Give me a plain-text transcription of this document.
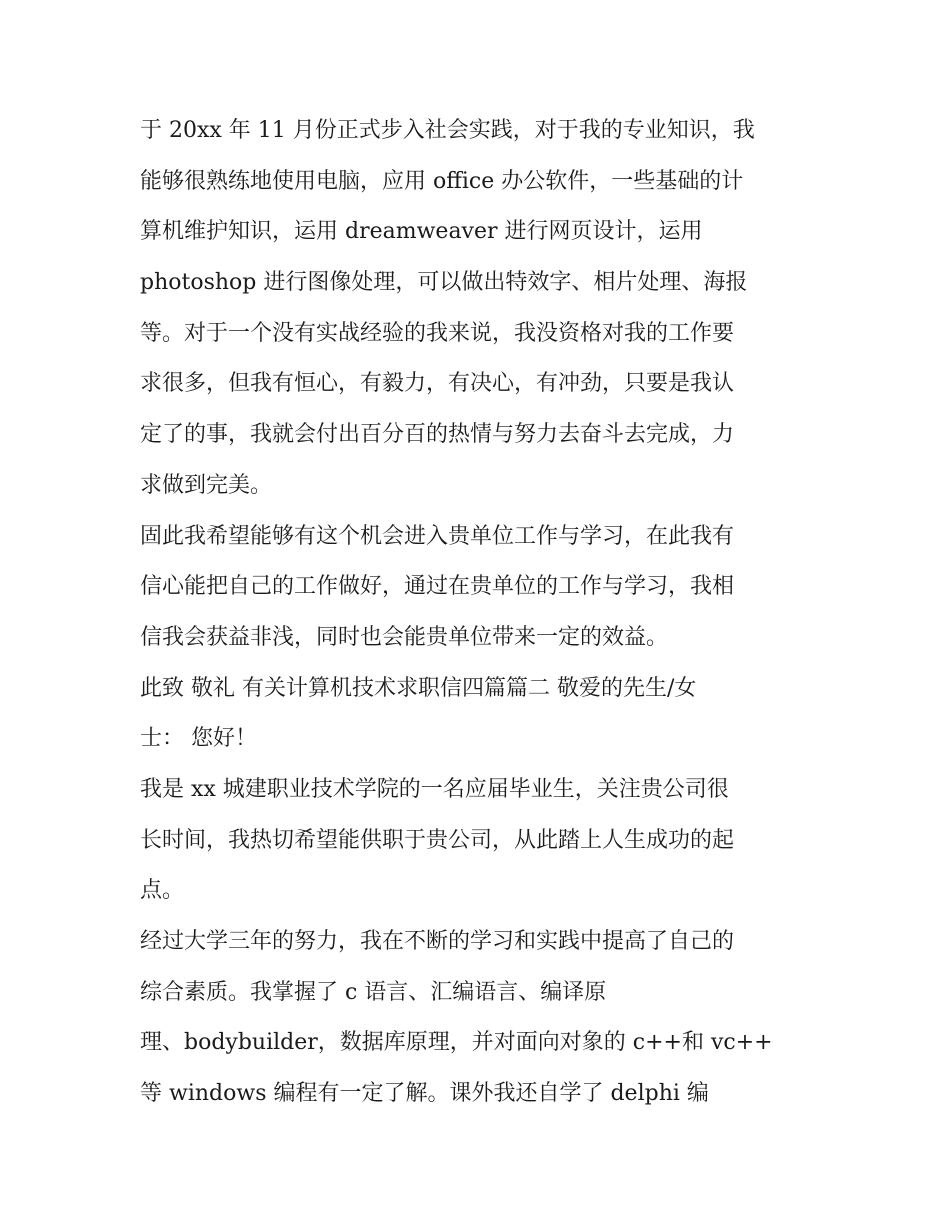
于 20xx 年 11 月份正式步入社会实践，对于我的专业知识，我

能够很熟练地使用电脑，应用 office 办公软件，一些基础的计

算机维护知识，运用 dreamweaver 进行网页设计，运用

photoshop 进行图像处理，可以做出特效字、相片处理、海报

等。对于一个没有实战经验的我来说，我没资格对我的工作要

求很多，但我有恒心，有毅力，有决心，有冲劲，只要是我认

定了的事，我就会付出百分百的热情与努力去奋斗去完成，力

求做到完美。

固此我希望能够有这个机会进入贵单位工作与学习，在此我有

信心能把自己的工作做好，通过在贵单位的工作与学习，我相

信我会获益非浅，同时也会能贵单位带来一定的效益。

此致 敬礼 有关计算机技术求职信四篇篇二 敬爱的先生/女

士： 您好！

我是 xx 城建职业技术学院的一名应届毕业生，关注贵公司很

长时间，我热切希望能供职于贵公司，从此踏上人生成功的起

点。

经过大学三年的努力，我在不断的学习和实践中提高了自己的

综合素质。我掌握了 c 语言、汇编语言、编译原

理、bodybuilder，数据库原理，并对面向对象的 c++和 vc++

等 windows 编程有一定了解。课外我还自学了 delphi 编
